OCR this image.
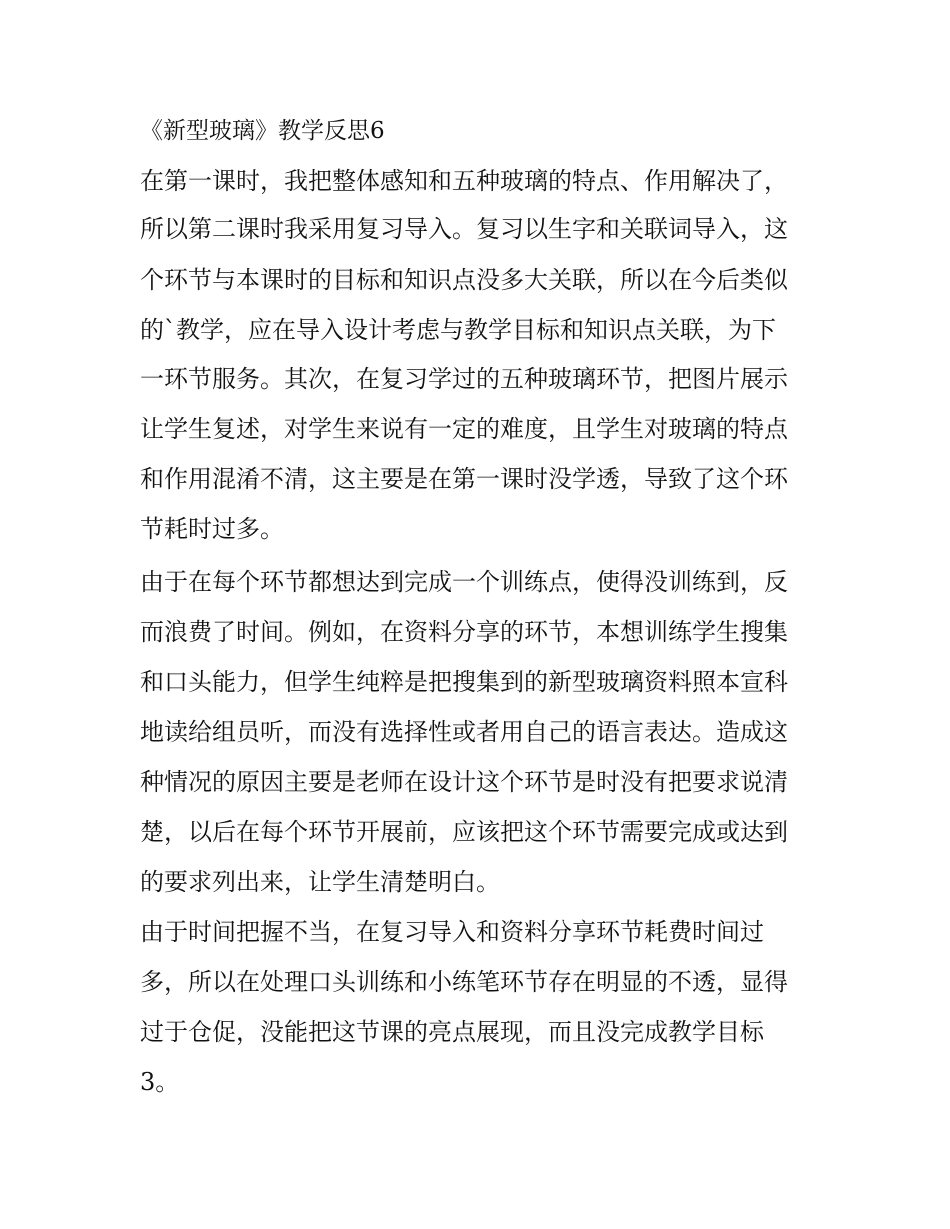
《新型玻璃》教学反思6

在第一课时，我把整体感知和五种玻璃的特点、作用解决了，

所以第二课时我采用复习导入。复习以生字和关联词导入，这

个环节与本课时的目标和知识点没多大关联，所以在今后类似

的`教学，应在导入设计考虑与教学目标和知识点关联，为下

一环节服务。其次，在复习学过的五种玻璃环节，把图片展示

让学生复述，对学生来说有一定的难度，且学生对玻璃的特点

和作用混淆不清，这主要是在第一课时没学透，导致了这个环

节耗时过多。

由于在每个环节都想达到完成一个训练点，使得没训练到，反

而浪费了时间。例如，在资料分享的环节，本想训练学生搜集

和口头能力，但学生纯粹是把搜集到的新型玻璃资料照本宣科

地读给组员听，而没有选择性或者用自己的语言表达。造成这

种情况的原因主要是老师在设计这个环节是时没有把要求说清

楚，以后在每个环节开展前，应该把这个环节需要完成或达到

的要求列出来，让学生清楚明白。

由于时间把握不当，在复习导入和资料分享环节耗费时间过

多，所以在处理口头训练和小练笔环节存在明显的不透，显得

过于仓促，没能把这节课的亮点展现，而且没完成教学目标

3。
